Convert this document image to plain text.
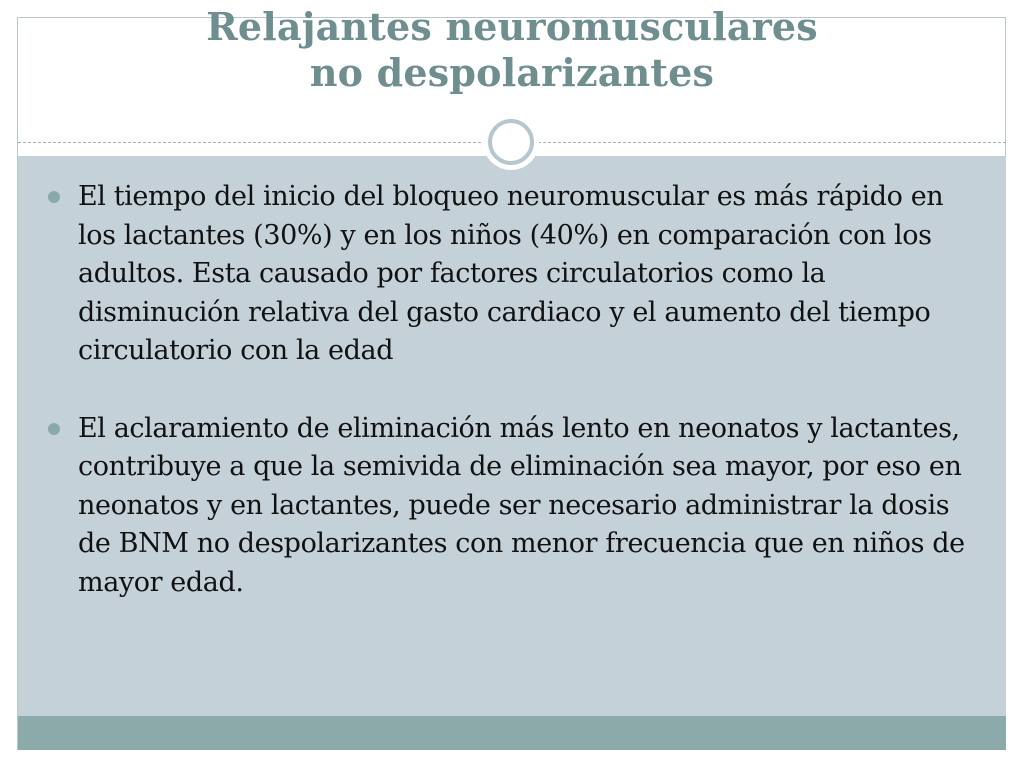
Relajantes neuromusculares
no despolarizantes
El tiempo del inicio del bloqueo neuromuscular es más rápido en los lactantes (30%) y en los niños (40%) en comparación con los adultos. Esta causado por factores circulatorios como la disminución relativa del gasto cardiaco y el aumento del tiempo circulatorio con la edad
El aclaramiento de eliminación más lento en neonatos y lactantes, contribuye a que la semivida de eliminación sea mayor, por eso en neonatos y en lactantes, puede ser necesario administrar la dosis de BNM no despolarizantes con menor frecuencia que en niños de mayor edad.
